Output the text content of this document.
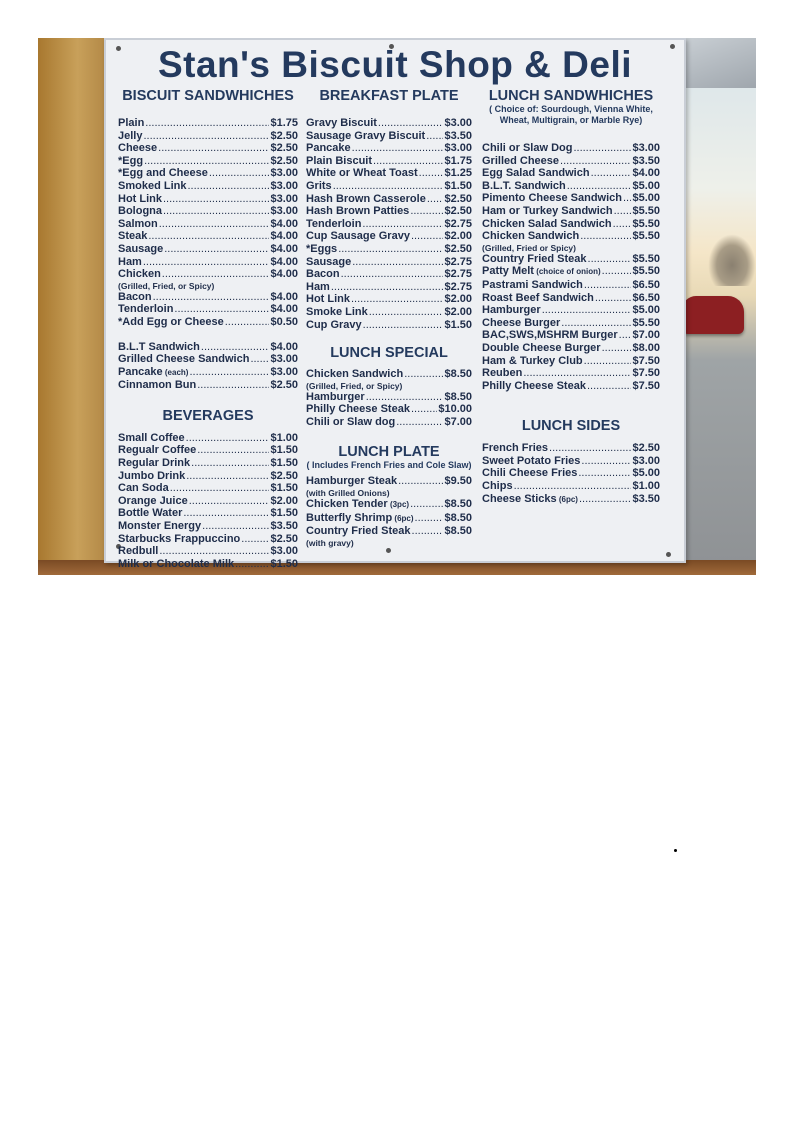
Stan's Biscuit Shop & Deli
BISCUIT SANDWHICHES
Plain .....	$1.75
Jelly .....	$2.50
Cheese .....	$2.50
*Egg .....	$2.50
*Egg and Cheese .....	$3.00
Smoked Link .....	$3.00
Hot Link .....	$3.00
Bologna .....	$3.00
Salmon .....	$4.00
Steak .....	$4.00
Sausage .....	$4.00
Ham .....	$4.00
Chicken .....	$4.00
(Grilled, Fried, or Spicy)
Bacon .....	$4.00
Tenderloin .....	$4.00
*Add Egg or Cheese .....	$0.50
B.L.T Sandwich .....	$4.00
Grilled Cheese Sandwich ..... $3.00
Pancake (each) .....	$3.00
Cinnamon Bun .....	$2.50
BEVERAGES
Small Coffee .....	$1.00
Regualr Coffee .....	$1.50
Regular Drink .....	$1.50
Jumbo Drink .....	$2.50
Can Soda .....	$1.50
Orange Juice .....	$2.00
Bottle Water .....	$1.50
Monster Energy .....	$3.50
Starbucks Frappuccino .....	$2.50
Redbull .....	$3.00
Milk or Chocolate Milk .....	$1.50
BREAKFAST PLATE
Gravy Biscuit .....	$3.00
Sausage Gravy Biscuit ..... $3.50
Pancake .....	$3.00
Plain Biscuit .....	$1.75
White or Wheat Toast ..... $1.25
Grits .....	$1.50
Hash Brown Casserole ..... $2.50
Hash Brown Patties .....	$2.50
Tenderloin .....	$2.75
Cup Sausage Gravy .....	$2.00
*Eggs .....	$2.50
Sausage .....	$2.75
Bacon .....	$2.75
Ham .....	$2.75
Hot Link .....	$2.00
Smoke Link .....	$2.00
Cup Gravy .....	$1.50
LUNCH SPECIAL
Chicken Sandwich .....	$8.50
(Grilled, Fried, or Spicy)
Hamburger .....	$8.50
Philly Cheese Steak .....	$10.00
Chili or Slaw dog .....	$7.00
LUNCH PLATE
( Includes French Fries and Cole Slaw)
Hamburger Steak .....	$9.50
(with Grilled Onions)
Chicken Tender (3pc) .....	$8.50
Butterfly Shrimp (6pc) .....	$8.50
Country Fried Steak .....	$8.50
(with gravy)
LUNCH SANDWHICHES
( Choice of: Sourdough, Vienna White, Wheat, Multigrain, or Marble Rye)
Chili or Slaw Dog .....	$3.00
Grilled Cheese .....	$3.50
Egg Salad Sandwich .....	$4.00
B.L.T. Sandwich .....	$5.00
Pimento Cheese Sandwich ..... $5.00
Ham or Turkey Sandwich ..... $5.50
Chicken Salad Sandwich ..... $5.50
Chicken Sandwich .....	$5.50
(Grilled, Fried or Spicy)
Country Fried Steak .....	$5.50
Patty Melt (choice of onion) .....	$5.50
Pastrami Sandwich .....	$6.50
Roast Beef Sandwich .....	$6.50
Hamburger .....	$5.00
Cheese Burger .....	$5.50
BAC,SWS,MSHRM Burger ..... $7.00
Double Cheese Burger .....	$8.00
Ham & Turkey Club .....	$7.50
Reuben .....	$7.50
Philly Cheese Steak .....	$7.50
LUNCH SIDES
French Fries .....	$2.50
Sweet Potato Fries .....	$3.00
Chili Cheese Fries .....	$5.00
Chips .....	$1.00
Cheese Sticks (6pc) .....	$3.50
